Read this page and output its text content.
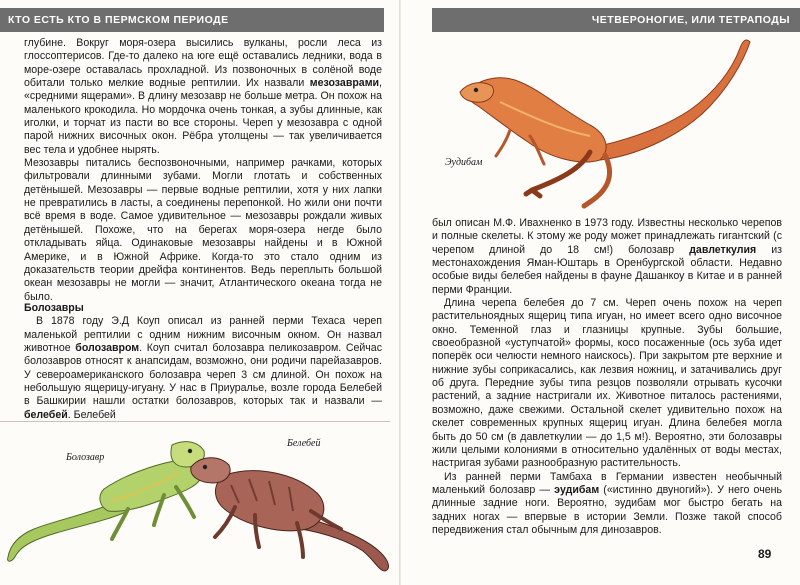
КТО ЕСТЬ КТО В ПЕРМСКОМ ПЕРИОДЕ	ЧЕТВЕРОНОГИЕ, ИЛИ ТЕТРАПОДЫ

глубине. Вокруг моря-озера высились вулканы, росли леса из глоссоптерисов. Где-то далеко на юге ещё оставались ледники, вода в море-озере оставалась прохладной. Из позвоночных в солёной воде обитали только мелкие водные рептилии. Их назвали мезозаврами, «средними ящерами». В длину мезозавр не больше метра. Он похож на маленького крокодила. Но мордочка очень тонкая, а зубы длинные, как иголки, и торчат из пасти во все стороны. Череп у мезозавра с одной парой нижних височных окон. Рёбра утолщены — так увеличивается вес тела и удобнее нырять.

Мезозавры питались беспозвоночными, например рачками, которых фильтровали длинными зубами. Могли глотать и собственных детёнышей. Мезозавры — первые водные рептилии, хотя у них лапки не превратились в ласты, а соединены перепонкой. Но жили они почти всё время в воде. Самое удивительное — мезозавры рождали живых детёнышей. Похоже, что на берегах моря-озера негде было откладывать яйца. Одинаковые мезозавры найдены и в Южной Америке, и в Южной Африке. Когда-то это стало одним из доказательств теории дрейфа континентов. Ведь переплыть большой океан мезозавры не могли — значит, Атлантического океана тогда не было.

Болозавры

В 1878 году Э.Д Коуп описал из ранней перми Техаса череп маленькой рептилии с одним нижним височным окном. Он назвал животное болозавром. Коуп считал болозавра пеликозавром. Сейчас болозавров относят к анапсидам, возможно, они родичи парейазавров. У североамериканского болозавра череп 3 см длиной. Он похож на небольшую ящерицу-игуану. У нас в Приуралье, возле города Белебей в Башкирии нашли остатки болозавров, которых так и назвали — белебей. Белебей

был описан М.Ф. Ивахненко в 1973 году. Известны несколько черепов и полные скелеты. К этому же роду может принадлежать гигантский (с черепом длиной до 18 см!) болозавр давлеткулия из местонахождения Яман-Юштарь в Оренбургской области. Недавно особые виды белебея найдены в фауне Дашанкоу в Китае и в ранней перми Франции.

Длина черепа белебея до 7 см. Череп очень похож на череп растительноядных ящериц типа игуан, но имеет всего одно височное окно. Теменной глаз и глазницы крупные. Зубы большие, своеобразной «уступчатой» формы, косо посаженные (ось зуба идет поперёк оси челюсти немного наискось). При закрытом рте верхние и нижние зубы соприкасались, как лезвия ножниц, и затачивались друг об друга. Передние зубы типа резцов позволяли отрывать кусочки растений, а задние настригали их. Животное питалось растениями, возможно, даже свежими. Остальной скелет удивительно похож на скелет современных крупных ящериц игуан. Длина белебея могла быть до 50 см (в давлеткулии — до 1,5 м!). Вероятно, эти болозавры жили целыми колониями в относительно удалённых от воды местах, настригая зубами разнообразную растительность.

Из ранней перми Тамбаха в Германии известен необычный маленький болозавр — эудибам («истинно двуногий»). У него очень длинные задние ноги. Вероятно, эудибам мог быстро бегать на задних ногах — впервые в истории Земли. Позже такой способ передвижения стал обычным для динозавров.

89
Эудибам
Болозавр
Белебей
